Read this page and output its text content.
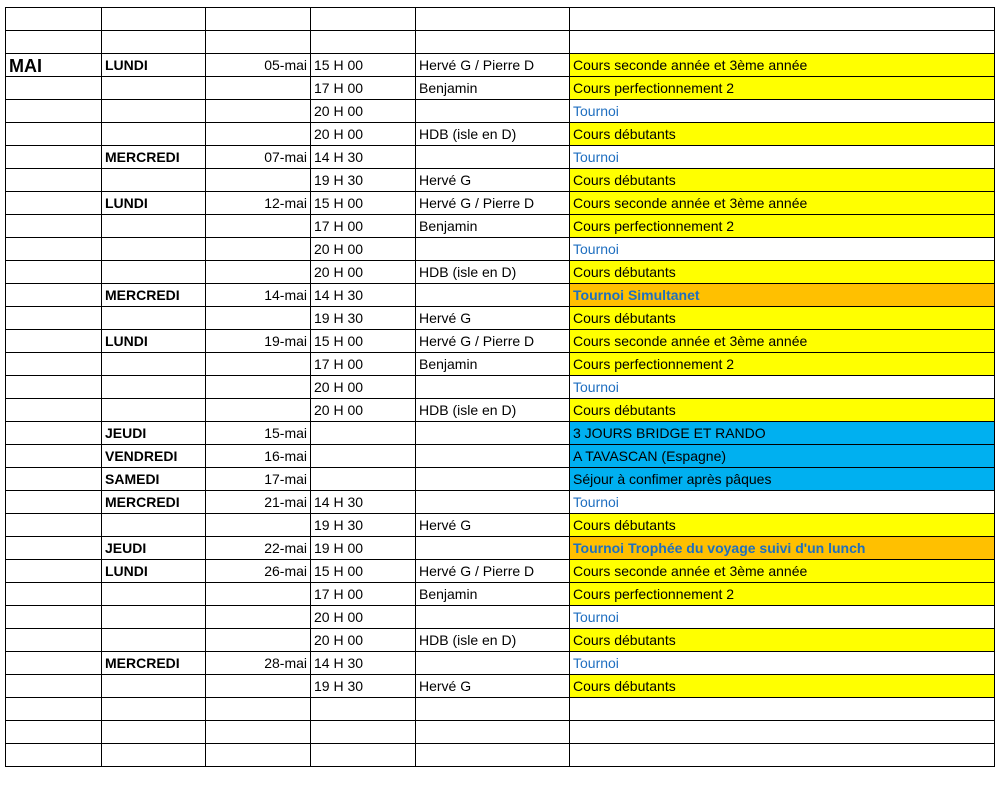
MAI	LUNDI	05-mai	15 H 00	Hervé G / Pierre D	Cours seconde année et 3ème année
			17 H 00	Benjamin	Cours perfectionnement 2
			20 H 00		Tournoi
			20 H 00	HDB (isle en D)	Cours débutants
	MERCREDI	07-mai	14 H 30		Tournoi
			19 H 30	Hervé G	Cours débutants
	LUNDI	12-mai	15 H 00	Hervé G / Pierre D	Cours seconde année et 3ème année
			17 H 00	Benjamin	Cours perfectionnement 2
			20 H 00		Tournoi
			20 H 00	HDB (isle en D)	Cours débutants
	MERCREDI	14-mai	14 H 30		Tournoi Simultanet
			19 H 30	Hervé G	Cours débutants
	LUNDI	19-mai	15 H 00	Hervé G / Pierre D	Cours seconde année et 3ème année
			17 H 00	Benjamin	Cours perfectionnement 2
			20 H 00		Tournoi
			20 H 00	HDB (isle en D)	Cours débutants
	JEUDI	15-mai			3 JOURS BRIDGE ET RANDO
	VENDREDI	16-mai			A TAVASCAN (Espagne)
	SAMEDI	17-mai			Séjour à confimer après pâques
	MERCREDI	21-mai	14 H 30		Tournoi
			19 H 30	Hervé G	Cours débutants
	JEUDI	22-mai	19 H 00		Tournoi Trophée du voyage suivi d'un lunch
	LUNDI	26-mai	15 H 00	Hervé G / Pierre D	Cours seconde année et 3ème année
			17 H 00	Benjamin	Cours perfectionnement 2
			20 H 00		Tournoi
			20 H 00	HDB (isle en D)	Cours débutants
	MERCREDI	28-mai	14 H 30		Tournoi
			19 H 30	Hervé G	Cours débutants
